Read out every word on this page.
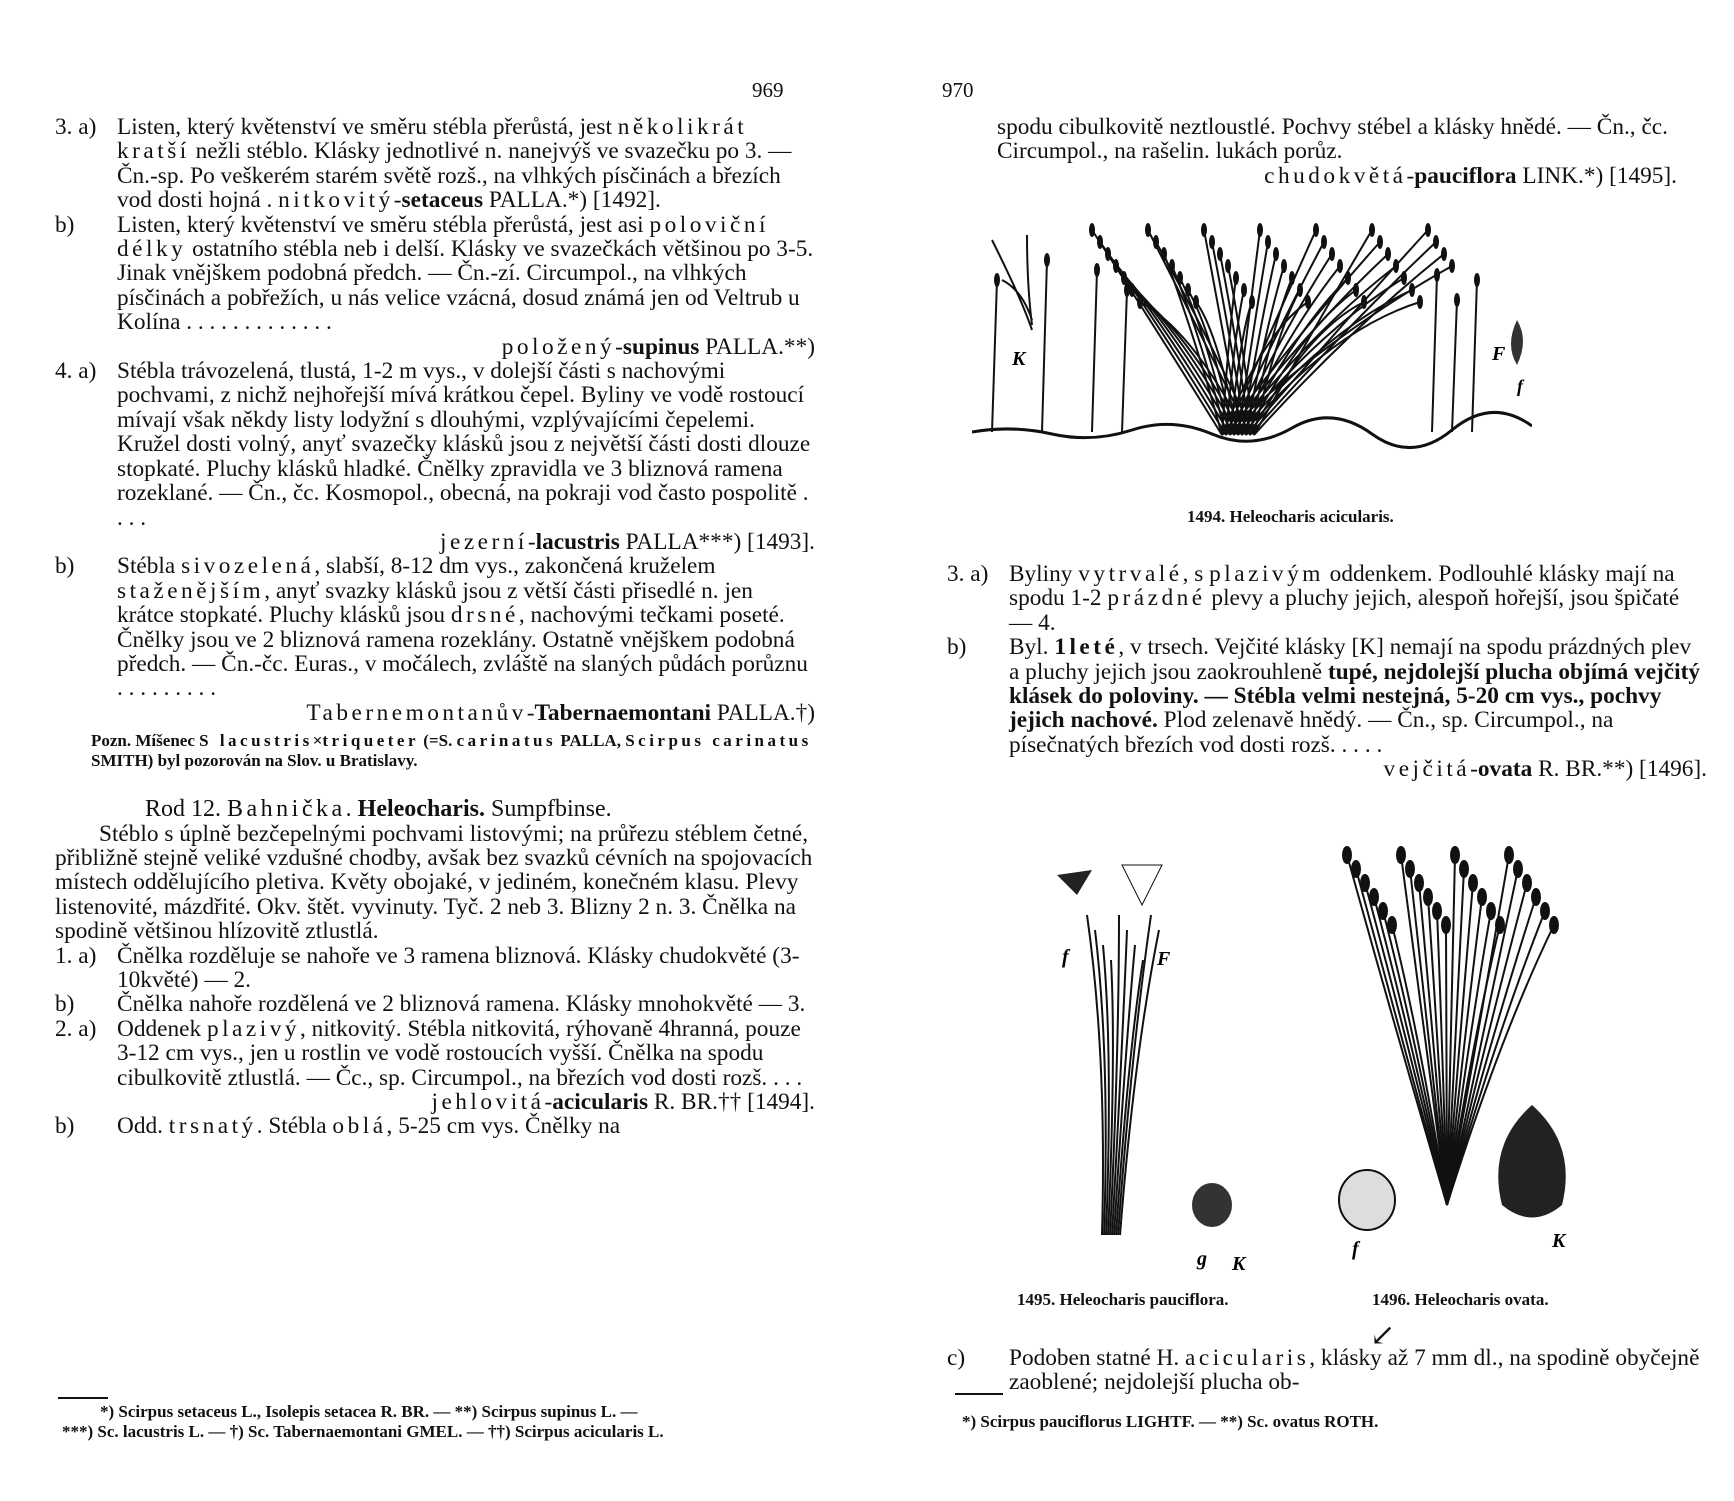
969
3. a) Listen, který květenství ve směru stébla přerůstá, jest několikrát kratší nežli stéblo. Klásky jednotlivé n. nanejvýš ve svazečku po 3. — Čn.-sp. Po veškerém starém světě rozš., na vlhkých písčinách a březích vod dosti hojná . nitkovitý-setaceus PALLA.*) [1492].
b) Listen, který květenství ve směru stébla přerůstá, jest asi poloviční délky ostatního stébla neb i delší. Klásky ve svazečkách většinou po 3-5. Jinak vnějškem podobná předch. — Čn.-zí. Circumpol., na vlhkých písčinách a pobřežích, u nás velice vzácná, dosud známá jen od Veltrub u Kolína . . . . . . . . . . . . .
položený-supinus PALLA.**)
4. a) Stébla trávozelená, tlustá, 1-2 m vys., v dolejší části s nachovými pochvami, z nichž nejhořejší mívá krátkou čepel. Byliny ve vodě rostoucí mívají však někdy listy lodyžní s dlouhými, vzplývajícími čepelemi. Kružel dosti volný, anyť svazečky klásků jsou z největší části dosti dlouze stopkaté. Pluchy klásků hladké. Čnělky zpravidla ve 3 bliznová ramena rozeklané. — Čn., čc. Kosmopol., obecná, na pokraji vod často pospolitě . . . .
jezerní-lacustris PALLA***) [1493].
b) Stébla sivozelená, slabší, 8-12 dm vys., zakončená kruželem staženějším, anyť svazky klásků jsou z větší části přisedlé n. jen krátce stopkaté. Pluchy klásků jsou drsné, nachovými tečkami poseté. Čnělky jsou ve 2 bliznová ramena rozeklány. Ostatně vnějškem podobná předch. — Čn.-čc. Euras., v močálech, zvláště na slaných půdách porůznu . . . . . . . . .
Tabernemontanův-Tabernaemontani PALLA.†)
Pozn. Míšenec S lacustris×triqueter (=S. carinatus PALLA, Scirpus carinatus SMITH) byl pozorován na Slov. u Bratislavy.
Rod 12. Bahnička. Heleocharis. Sumpfbinse.
Stéblo s úplně bezčepelnými pochvami listovými; na průřezu stéblem četné, přibližně stejně veliké vzdušné chodby, avšak bez svazků cévních na spojovacích místech oddělujícího pletiva. Květy obojaké, v jediném, konečném klasu. Plevy listenovité, mázdřité. Okv. štět. vyvinuty. Tyč. 2 neb 3. Blizny 2 n. 3. Čnělka na spodině většinou hlízovitě ztlustlá.
1. a) Čnělka rozděluje se nahoře ve 3 ramena bliznová. Klásky chudokvěté (3-10květé) — 2.
b) Čnělka nahoře rozdělená ve 2 bliznová ramena. Klásky mnohokvěté — 3.
2. a) Oddenek plazivý, nitkovitý. Stébla nitkovitá, rýhovaně 4hranná, pouze 3-12 cm vys., jen u rostlin ve vodě rostoucích vyšší. Čnělka na spodu cibulkovitě ztlustlá. — Čc., sp. Circumpol., na březích vod dosti rozš. . . .
jehlovitá-acicularis R. BR.†† [1494].
b) Odd. trsnatý. Stébla oblá, 5-25 cm vys. Čnělky na
*) Scirpus setaceus L., Isolepis setacea R. BR. — **) Scirpus supinus L. —
***) Sc. lacustris L. — †) Sc. Tabernaemontani GMEL. — ††) Scirpus acicularis L.
970
spodu cibulkovitě neztloustlé. Pochvy stébel a klásky hnědé. — Čn., čc. Circumpol., na rašelin. lukách porůz.
chudokvětá-pauciflora LINK.*) [1495].
K	F
f
1494. Heleocharis acicularis.
3. a) Byliny vytrvalé, s plazivým oddenkem. Podlouhlé klásky mají na spodu 1-2 prázdné plevy a pluchy jejich, alespoň hořejší, jsou špičaté — 4.
b) Byl. 1leté, v trsech. Vejčité klásky [K] nemají na spodu prázdných plev a pluchy jejich jsou zaokrouhleně tupé, nejdolejší plucha objímá vejčitý klásek do poloviny. — Stébla velmi nestejná, 5-20 cm vys., pochvy jejich nachové. Plod zelenavě hnědý. — Čn., sp. Circumpol., na písečnatých březích vod dosti rozš. . . . .
vejčitá-ovata R. BR.**) [1496].
f	F
g K
1495. Heleocharis pauciflora.
f	K
1496. Heleocharis ovata.
↙
c) Podoben statné H. acicularis, klásky až 7 mm dl., na spodině obyčejně zaoblené; nejdolejší plucha ob-
*) Scirpus pauciflorus LIGHTF. — **) Sc. ovatus ROTH.
